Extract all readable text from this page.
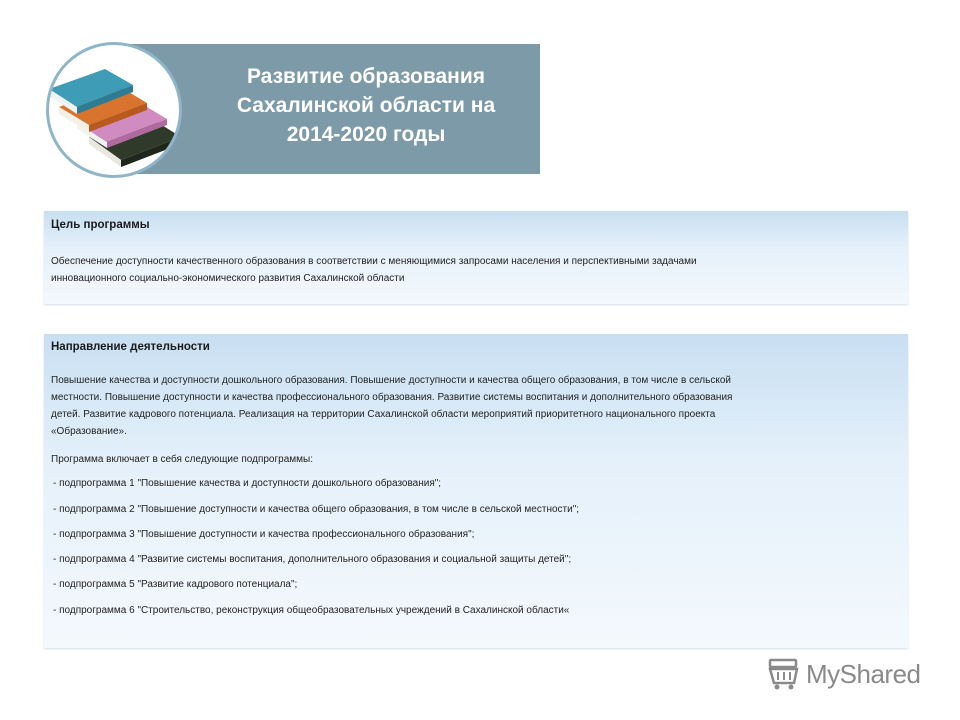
Развитие образования
Сахалинской области на
2014-2020 годы
Цель программы
Обеспечение доступности качественного образования в соответствии с меняющимися запросами населения и перспективными задачами
инновационного социально-экономического развития Сахалинской области
Направление деятельности
Повышение качества и доступности дошкольного образования. Повышение доступности и качества общего образования, в том числе в сельской
местности. Повышение доступности и качества профессионального образования. Развитие системы воспитания и дополнительного образования
детей. Развитие кадрового потенциала. Реализация на территории Сахалинской области мероприятий приоритетного национального проекта
«Образование».
Программа включает в себя следующие подпрограммы:
- подпрограмма 1 "Повышение качества и доступности дошкольного образования";
- подпрограмма 2 "Повышение доступности и качества общего образования, в том числе в сельской местности";
- подпрограмма 3 "Повышение доступности и качества профессионального образования";
- подпрограмма 4 "Развитие системы воспитания, дополнительного образования и социальной защиты детей";
- подпрограмма 5 "Развитие кадрового потенциала";
- подпрограмма 6 "Строительство, реконструкция общеобразовательных учреждений в Сахалинской области«
MyShared
